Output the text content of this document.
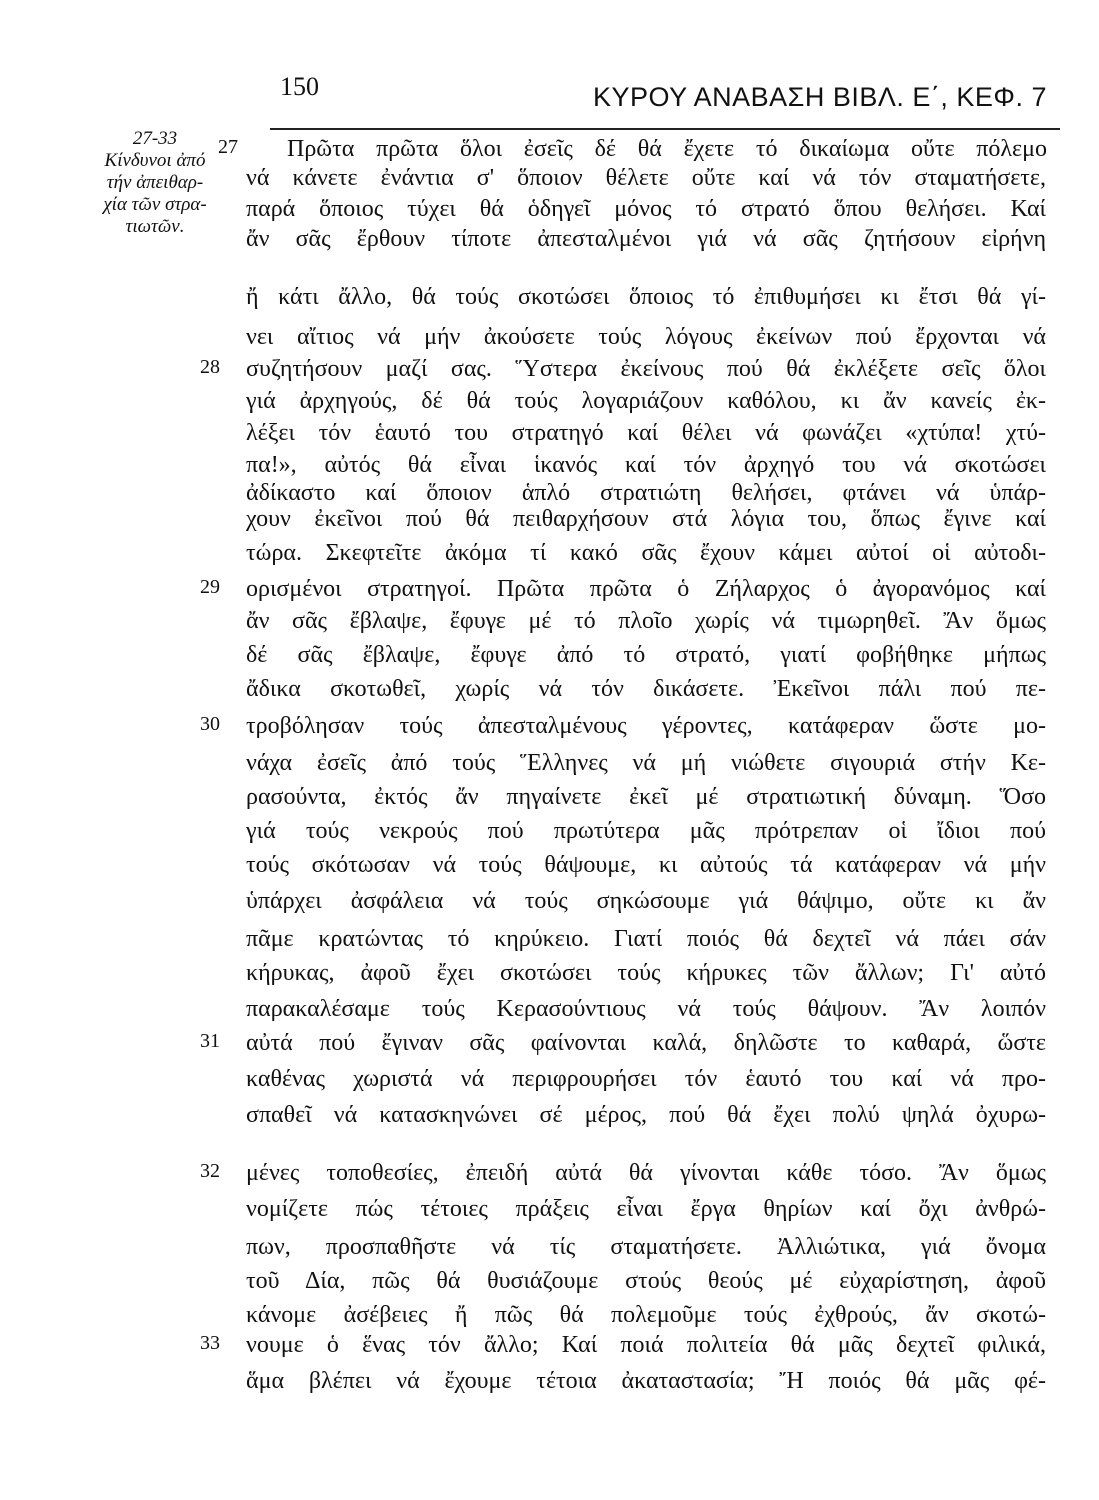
150	ΚΥΡΟΥ ΑΝΑΒΑΣΗ ΒΙΒΛ. Ε΄, ΚΕΦ. 7
27-33
Κίνδυνοι ἀπό
τήν ἀπειθαρ-
χία τῶν στρα-
τιωτῶν.
27
28
29
30
31
32
33
Πρῶτα πρῶτα ὅλοι ἐσεῖς δέ θά ἔχετε τό δικαίωμα οὔτε πόλεμο
νά κάνετε ἐνάντια σ' ὅποιον θέλετε οὔτε καί νά τόν σταματήσετε,
παρά ὅποιος τύχει θά ὁδηγεῖ μόνος τό στρατό ὅπου θελήσει. Καί
ἄν σᾶς ἔρθουν τίποτε ἀπεσταλμένοι γιά νά σᾶς ζητήσουν εἰρήνη
ἤ κάτι ἄλλο, θά τούς σκοτώσει ὅποιος τό ἐπιθυμήσει κι ἔτσι θά γί-
νει αἴτιος νά μήν ἀκούσετε τούς λόγους ἐκείνων πού ἔρχονται νά
συζητήσουν μαζί σας. Ὕστερα ἐκείνους πού θά ἐκλέξετε σεῖς ὅλοι
γιά ἀρχηγούς, δέ θά τούς λογαριάζουν καθόλου, κι ἄν κανείς ἐκ-
λέξει τόν ἑαυτό του στρατηγό καί θέλει νά φωνάζει «χτύπα! χτύ-
πα!», αὐτός θά εἶναι ἱκανός καί τόν ἀρχηγό του νά σκοτώσει
ἀδίκαστο καί ὅποιον ἁπλό στρατιώτη θελήσει, φτάνει νά ὑπάρ-
χουν ἐκεῖνοι πού θά πειθαρχήσουν στά λόγια του, ὅπως ἔγινε καί
τώρα. Σκεφτεῖτε ἀκόμα τί κακό σᾶς ἔχουν κάμει αὐτοί οἱ αὐτοδι-
ορισμένοι στρατηγοί. Πρῶτα πρῶτα ὁ Ζήλαρχος ὁ ἀγορανόμος καί
ἄν σᾶς ἔβλαψε, ἔφυγε μέ τό πλοῖο χωρίς νά τιμωρηθεῖ. Ἄν ὅμως
δέ σᾶς ἔβλαψε, ἔφυγε ἀπό τό στρατό, γιατί φοβήθηκε μήπως
ἄδικα σκοτωθεῖ, χωρίς νά τόν δικάσετε. Ἐκεῖνοι πάλι πού πε-
τροβόλησαν τούς ἀπεσταλμένους γέροντες, κατάφεραν ὥστε μο-
νάχα ἐσεῖς ἀπό τούς Ἕλληνες νά μή νιώθετε σιγουριά στήν Κε-
ρασούντα, ἐκτός ἄν πηγαίνετε ἐκεῖ μέ στρατιωτική δύναμη. Ὅσο
γιά τούς νεκρούς πού πρωτύτερα μᾶς πρότρεπαν οἱ ἴδιοι πού
τούς σκότωσαν νά τούς θάψουμε, κι αὐτούς τά κατάφεραν νά μήν
ὑπάρχει ἀσφάλεια νά τούς σηκώσουμε γιά θάψιμο, οὔτε κι ἄν
πᾶμε κρατώντας τό κηρύκειο. Γιατί ποιός θά δεχτεῖ νά πάει σάν
κήρυκας, ἀφοῦ ἔχει σκοτώσει τούς κήρυκες τῶν ἄλλων; Γι' αὐτό
παρακαλέσαμε τούς Κερασούντιους νά τούς θάψουν. Ἄν λοιπόν
αὐτά πού ἔγιναν σᾶς φαίνονται καλά, δηλῶστε το καθαρά, ὥστε
καθένας χωριστά νά περιφρουρήσει τόν ἑαυτό του καί νά προ-
σπαθεῖ νά κατασκηνώνει σέ μέρος, πού θά ἔχει πολύ ψηλά ὀχυρω-
μένες τοποθεσίες, ἐπειδή αὐτά θά γίνονται κάθε τόσο. Ἄν ὅμως
νομίζετε πώς τέτοιες πράξεις εἶναι ἔργα θηρίων καί ὄχι ἀνθρώ-
πων, προσπαθῆστε νά τίς σταματήσετε. Ἀλλιώτικα, γιά ὄνομα
τοῦ Δία, πῶς θά θυσιάζουμε στούς θεούς μέ εὐχαρίστηση, ἀφοῦ
κάνομε ἀσέβειες ἤ πῶς θά πολεμοῦμε τούς ἐχθρούς, ἄν σκοτώ-
νουμε ὁ ἕνας τόν ἄλλο; Καί ποιά πολιτεία θά μᾶς δεχτεῖ φιλικά,
ἅμα βλέπει νά ἔχουμε τέτοια ἀκαταστασία; Ἤ ποιός θά μᾶς φέ-
